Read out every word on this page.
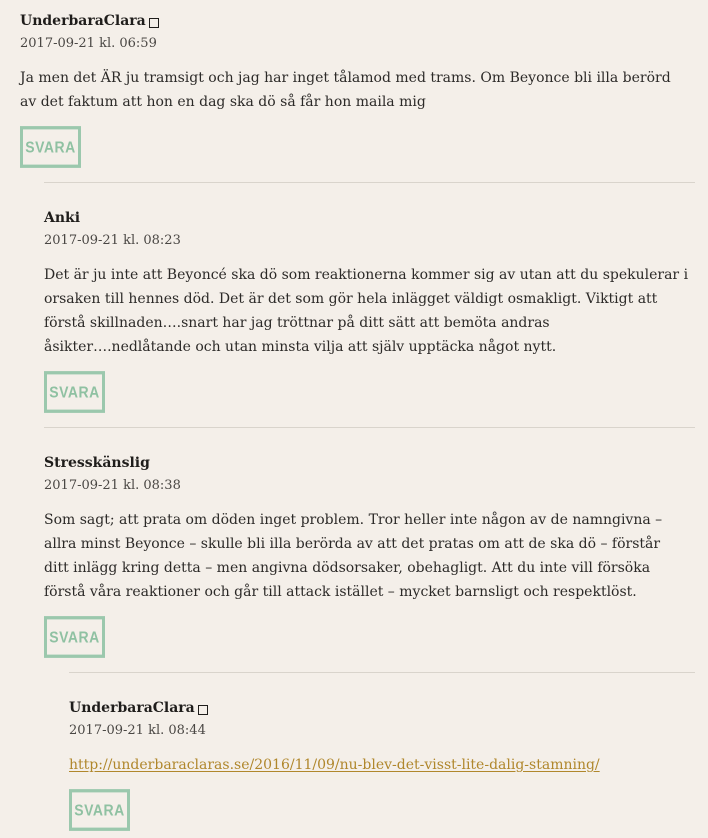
UnderbaraClara
2017-09-21 kl. 06:59
Ja men det ÄR ju tramsigt och jag har inget tålamod med trams. Om Beyonce bli illa berörd av det faktum att hon en dag ska dö så får hon maila mig
SVARA
Anki
2017-09-21 kl. 08:23
Det är ju inte att Beyoncé ska dö som reaktionerna kommer sig av utan att du spekulerar i orsaken till hennes död. Det är det som gör hela inlägget väldigt osmakligt. Viktigt att förstå skillnaden….snart har jag tröttnar på ditt sätt att bemöta andras åsikter….nedlåtande och utan minsta vilja att själv upptäcka något nytt.
SVARA
Stresskänslig
2017-09-21 kl. 08:38
Som sagt; att prata om döden inget problem. Tror heller inte någon av de namngivna – allra minst Beyonce – skulle bli illa berörda av att det pratas om att de ska dö – förstår ditt inlägg kring detta – men angivna dödsorsaker, obehagligt. Att du inte vill försöka förstå våra reaktioner och går till attack istället – mycket barnsligt och respektlöst.
SVARA
UnderbaraClara
2017-09-21 kl. 08:44
http://underbaraclaras.se/2016/11/09/nu-blev-det-visst-lite-dalig-stamning/
SVARA
